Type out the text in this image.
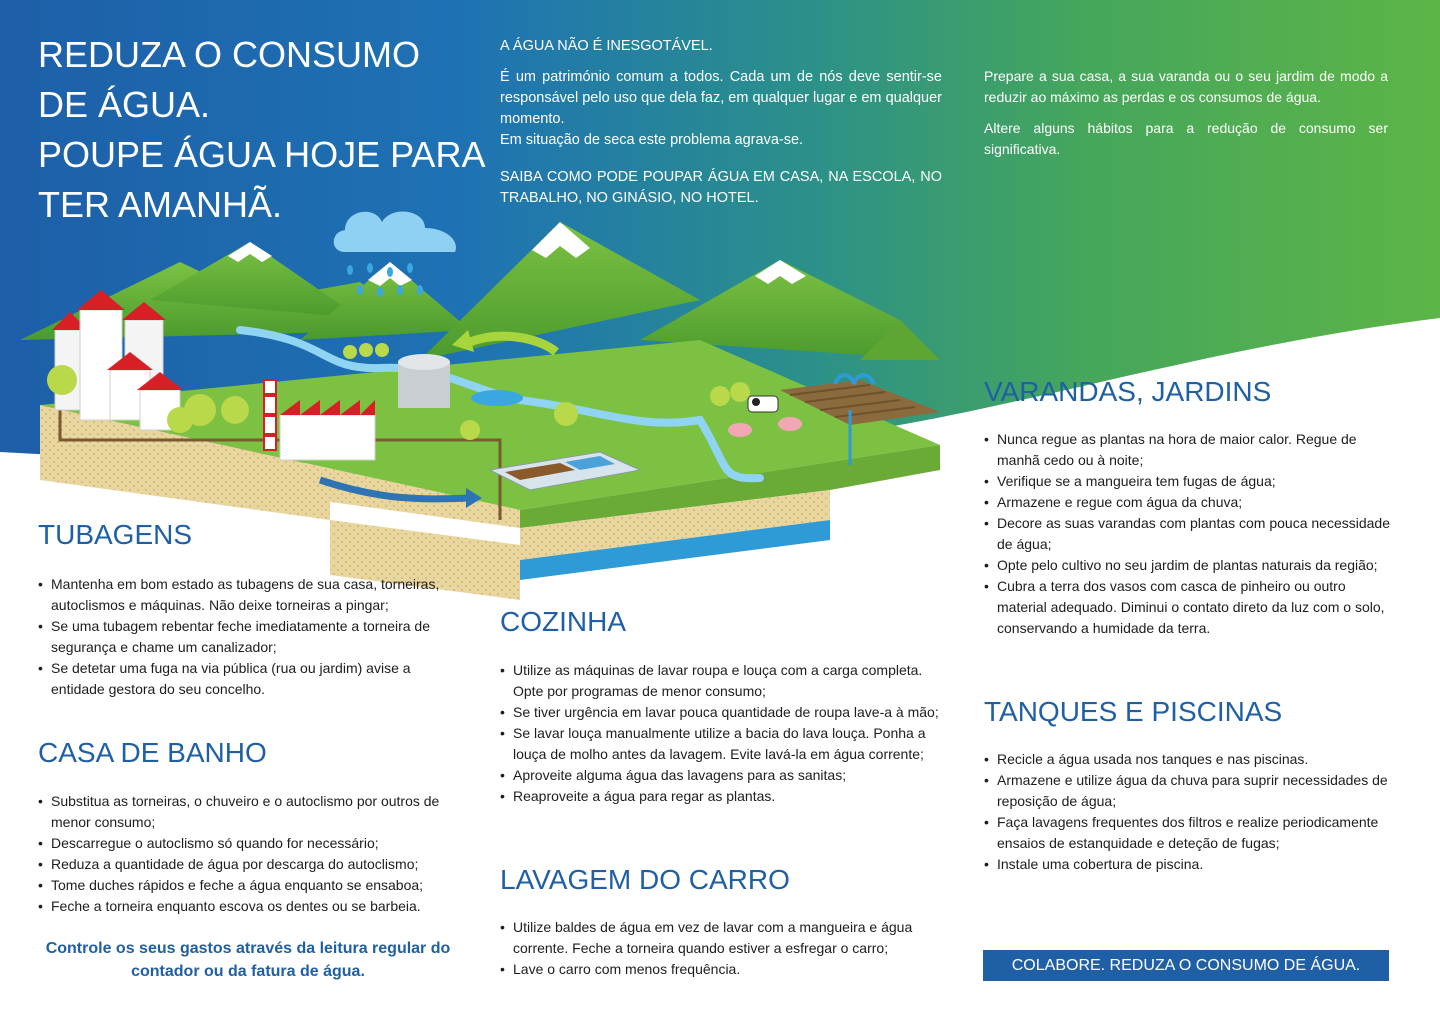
REDUZA O CONSUMO
DE ÁGUA.
POUPE ÁGUA HOJE PARA
TER AMANHÃ.
A ÁGUA NÃO É INESGOTÁVEL.

É um património comum a todos. Cada um de nós deve sentir-se responsável pelo uso que dela faz, em qualquer lugar e em qualquer momento.

Em situação de seca este problema agrava-se.

SAIBA COMO PODE POUPAR ÁGUA EM CASA, NA ESCOLA, NO TRABALHO, NO GINÁSIO, NO HOTEL.

Prepare a sua casa, a sua varanda ou o seu jardim de modo a reduzir ao máximo as perdas e os consumos de água.

Altere alguns hábitos para a redução de consumo ser significativa.

TUBAGENS
• Mantenha em bom estado as tubagens de sua casa, torneiras, autoclismos e máquinas. Não deixe torneiras a pingar;
• Se uma tubagem rebentar feche imediatamente a torneira de segurança e chame um canalizador;
• Se detetar uma fuga na via pública (rua ou jardim) avise a entidade gestora do seu concelho.
CASA DE BANHO
• Substitua as torneiras, o chuveiro e o autoclismo por outros de menor consumo;
• Descarregue o autoclismo só quando for necessário;
• Reduza a quantidade de água por descarga do autoclismo;
• Tome duches rápidos e feche a água enquanto se ensaboa;
• Feche a torneira enquanto escova os dentes ou se barbeia.
COZINHA
• Utilize as máquinas de lavar roupa e louça com a carga completa. Opte por programas de menor consumo;
• Se tiver urgência em lavar pouca quantidade de roupa lave-a à mão;
• Se lavar louça manualmente utilize a bacia do lava louça. Ponha a louça de molho antes da lavagem. Evite lavá-la em água corrente;
• Aproveite alguma água das lavagens para as sanitas;
• Reaproveite a água para regar as plantas.
LAVAGEM DO CARRO
• Utilize baldes de água em vez de lavar com a mangueira e água corrente. Feche a torneira quando estiver a esfregar o carro;
• Lave o carro com menos frequência.
VARANDAS, JARDINS
• Nunca regue as plantas na hora de maior calor. Regue de manhã cedo ou à noite;
• Verifique se a mangueira tem fugas de água;
• Armazene e regue com água da chuva;
• Decore as suas varandas com plantas com pouca necessidade de água;
• Opte pelo cultivo no seu jardim de plantas naturais da região;
• Cubra a terra dos vasos com casca de pinheiro ou outro material adequado. Diminui o contato direto da luz com o solo, conservando a humidade da terra.
TANQUES E PISCINAS
• Recicle a água usada nos tanques e nas piscinas.
• Armazene e utilize água da chuva para suprir necessidades de reposição de água;
• Faça lavagens frequentes dos filtros e realize periodicamente ensaios de estanquidade e deteção de fugas;
• Instale uma cobertura de piscina.
Controle os seus gastos através da leitura regular do contador ou da fatura de água.	COLABORE. REDUZA O CONSUMO DE ÁGUA.
